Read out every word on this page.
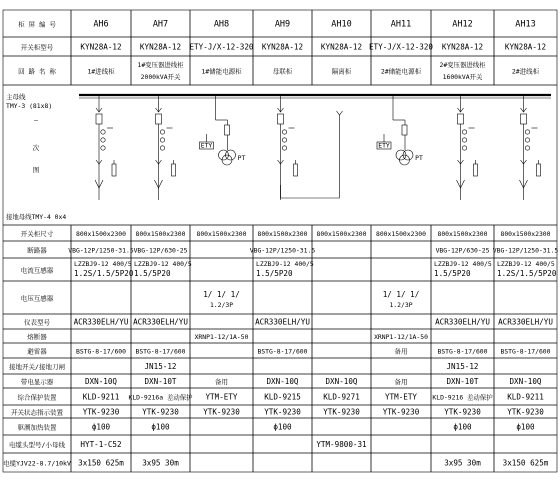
柜 屏 编 号
开关柜型号
回 路 名 称
开关柜尺寸
断路器
电流互感器
电压互感器
仪表型号
熔断器
避雷器
接地开关/接地刀闸
带电显示器
综合保护装置
开关状态指示装置
驱潮加热装置
电缆头型号/小母线
电缆YJV22-8.7/10kV
主母线
TMY-3 (81x8)
—
次
图
接地母线TMY-4 0x4
AH6
KYN28A-12
1#进线柜
800x1500x2300
VBG-12P/1250-31.5
LZZBJ9-12 400/5
1.2S/1.5/5P20
ACR330ELH/YU
BSTG-8-17/600
DXN-10Q
KLD-9211
YTK-9230
ϕ100
HYT-1-C52
3x150 625m
AH7
KYN28A-12
1#变压器进线柜
2000kVA开关
800x1500x2300
VBG-12P/630-25
LZZBJ9-12 400/5
1.5/5P20
ACR330ELH/YU
BSTG-8-17/600
JN15-12
DXN-10T
KLD-9216a 差动保护
YTK-9230
ϕ100
3x95 30m
AH8
ETY-J/X-12-320
1#储能电源柜
800x1500x2300
XRNP1-12/1A-50
备用
YTM-ETY
YTK-9230
AH9
KYN28A-12
母联柜
800x1500x2300
VBG-12P/1250-31.5
LZZBJ9-12 400/5
1.5/5P20
ACR330ELH/YU
BSTG-8-17/600
DXN-10Q
KLD-9215
YTK-9230
ϕ100
AH10
KYN28A-12
隔离柜
800x1500x2300
DXN-10Q
KLD-9271
YTK-9230
YTM-9800-31
AH11
ETY-J/X-12-320
2#储能电源柜
800x1500x2300
XRNP1-12/1A-50
备用
备用
YTM-ETY
YTK-9230
AH12
KYN28A-12
2#变压器进线柜
1600kVA开关
800x1500x2300
VBG-12P/630-25
LZZBJ9-12 400/5
1.5/5P20
ACR330ELH/YU
BSTG-8-17/600
JN15-12
DXN-10T
KLD-9216 差动保护
YTK-9230
ϕ100
3x95 30m
AH13
KYN28A-12
2#进线柜
800x1500x2300
VBG-12P/1250-31.5
LZZBJ9-12 400/5
1.2S/1.5/5P20
ACR330ELH/YU
BSTG-8-17/600
DXN-10Q
KLD-9211
YTK-9230
ϕ100
3x150 625m
1/ 1/ 1/
1.2/3P
1/ 1/ 1/
1.2/3P
ETY
PT
ETY
PT
